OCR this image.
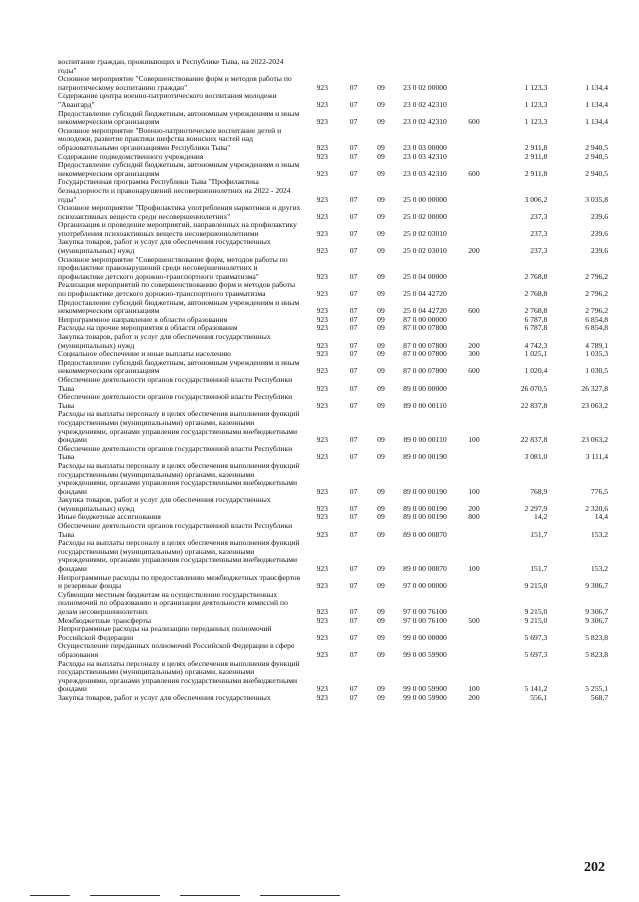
воспитание граждан, проживающих в Республике Тыва, на 2022-2024 годы"
Основное мероприятие "Совершенствование форм и методов работы по патриотическому воспитанию граждан"	923	07	09	23 0 02 00000	1 123,3	1 134,4
Содержание центра военно-патриотического воспитания молодежи "Авангард"	923	07	09	23 0 02 42310	1 123,3	1 134,4
Предоставление субсидий бюджетным, автономным учреждениям и иным некоммерческим организациям	923	07	09	23 0 02 42310	600	1 123,3	1 134,4
Основное мероприятие "Военно-патриотическое воспитание детей и молодежи, развитие практики шефства воинских частей над образовательными организациями Республики Тыва"	923	07	09	23 0 03 00000	2 911,8	2 940,5
Содержание подведомственного учреждения	923	07	09	23 0 03 42310	2 911,8	2 940,5
Предоставление субсидий бюджетным, автономным учреждениям и иным некоммерческим организациям	923	07	09	23 0 03 42310	600	2 911,8	2 940,5
Государственная программа Республики Тыва "Профилактика безнадзорности и правонарушений несовершеннолетних на 2022 - 2024 годы"	923	07	09	25 0 00 00000	3 006,2	3 035,8
Основное мероприятие "Профилактика употребления наркотиков и других психоактивных веществ среди несовершеннолетних"	923	07	09	25 0 02 00000	237,3	239,6
Организация и проведение мероприятий, направленных на профилактику употребления психоактивных веществ несовершеннолетними	923	07	09	25 0 02 03010	237,3	239,6
Закупка товаров, работ и услуг для обеспечения государственных (муниципальных) нужд	923	07	09	25 0 02 03010	200	237,3	239,6
Основное мероприятие "Совершенствование форм, методов работы по профилактике правонарушений среди несовершеннолетних и профилактике детского дорожно-транспортного травматизма"	923	07	09	25 0 04 00000	2 768,8	2 796,2
Реализация мероприятий по совершенствованию форм и методов работы по профилактике детского дорожно-транспортного травматизма	923	07	09	25 0 04 42720	2 768,8	2 796,2
Предоставление субсидий бюджетным, автономным учреждениям и иным некоммерческим организациям	923	07	09	25 0 04 42720	600	2 768,8	2 796,2
Непрограммное направление в области образования	923	07	09	87 0 00 00000	6 787,8	6 854,8
Расходы на прочие мероприятия в области образования	923	07	09	87 0 00 07800	6 787,8	6 854,8
Закупка товаров, работ и услуг для обеспечения государственных (муниципальных) нужд	923	07	09	87 0 00 07800	200	4 742,3	4 789,1
Социальное обеспечение и иные выплаты населению	923	07	09	87 0 00 07800	300	1 025,1	1 035,3
Предоставление субсидий бюджетным, автономным учреждениям и иным некоммерческим организациям	923	07	09	87 0 00 07800	600	1 020,4	1 030,5
Обеспечение деятельности органов государственной власти Республики Тыва	923	07	09	89 0 00 00000	26 070,5	26 327,8
Обеспечение деятельности органов государственной власти Республики Тыва	923	07	09	89 0 00 00110	22 837,8	23 063,2
Расходы на выплаты персоналу в целях обеспечения выполнения функций государственными (муниципальными) органами, казенными учреждениями, органами управления государственными внебюджетными фондами	923	07	09	89 0 00 00110	100	22 837,8	23 063,2
Обеспечение деятельности органов государственной власти Республики Тыва	923	07	09	89 0 00 00190	3 081,0	3 111,4
Расходы на выплаты персоналу в целях обеспечения выполнения функций государственными (муниципальными) органами, казенными учреждениями, органами управления государственными внебюджетными фондами	923	07	09	89 0 00 00190	100	768,9	776,5
Закупка товаров, работ и услуг для обеспечения государственных (муниципальных) нужд	923	07	09	89 0 00 00190	200	2 297,9	2 320,6
Иные бюджетные ассигнования	923	07	09	89 0 00 00190	800	14,2	14,4
Обеспечение деятельности органов государственной власти Республики Тыва	923	07	09	89 0 00 00870	151,7	153,2
Расходы на выплаты персоналу в целях обеспечения выполнения функций государственными (муниципальными) органами, казенными учреждениями, органами управления государственными внебюджетными фондами	923	07	09	89 0 00 00870	100	151,7	153,2
Непрограммные расходы по предоставлению межбюджетных трансфертов и резервные фонды	923	07	09	97 0 00 00000	9 215,0	9 306,7
Субвенции местным бюджетам на осуществление государственных полномочий по образованию и организации деятельности комиссий по делам несовершеннолетних	923	07	09	97 0 00 76100	9 215,0	9 306,7
Межбюджетные трансферты	923	07	09	97 0 00 76100	500	9 215,0	9 306,7
Непрограммные расходы на реализацию переданных полномочий Российской Федерации	923	07	09	99 0 00 00000	5 697,3	5 823,8
Осуществление переданных полномочий Российской Федерации в сфере образования	923	07	09	99 0 00 59900	5 697,3	5 823,8
Расходы на выплаты персоналу в целях обеспечения выполнения функций государственными (муниципальными) органами, казенными учреждениями, органами управления государственными внебюджетными фондами	923	07	09	99 0 00 59900	100	5 141,2	5 255,1
Закупка товаров, работ и услуг для обеспечения государственных	923	07	09	99 0 00 59900	200	556,1	568,7
202
